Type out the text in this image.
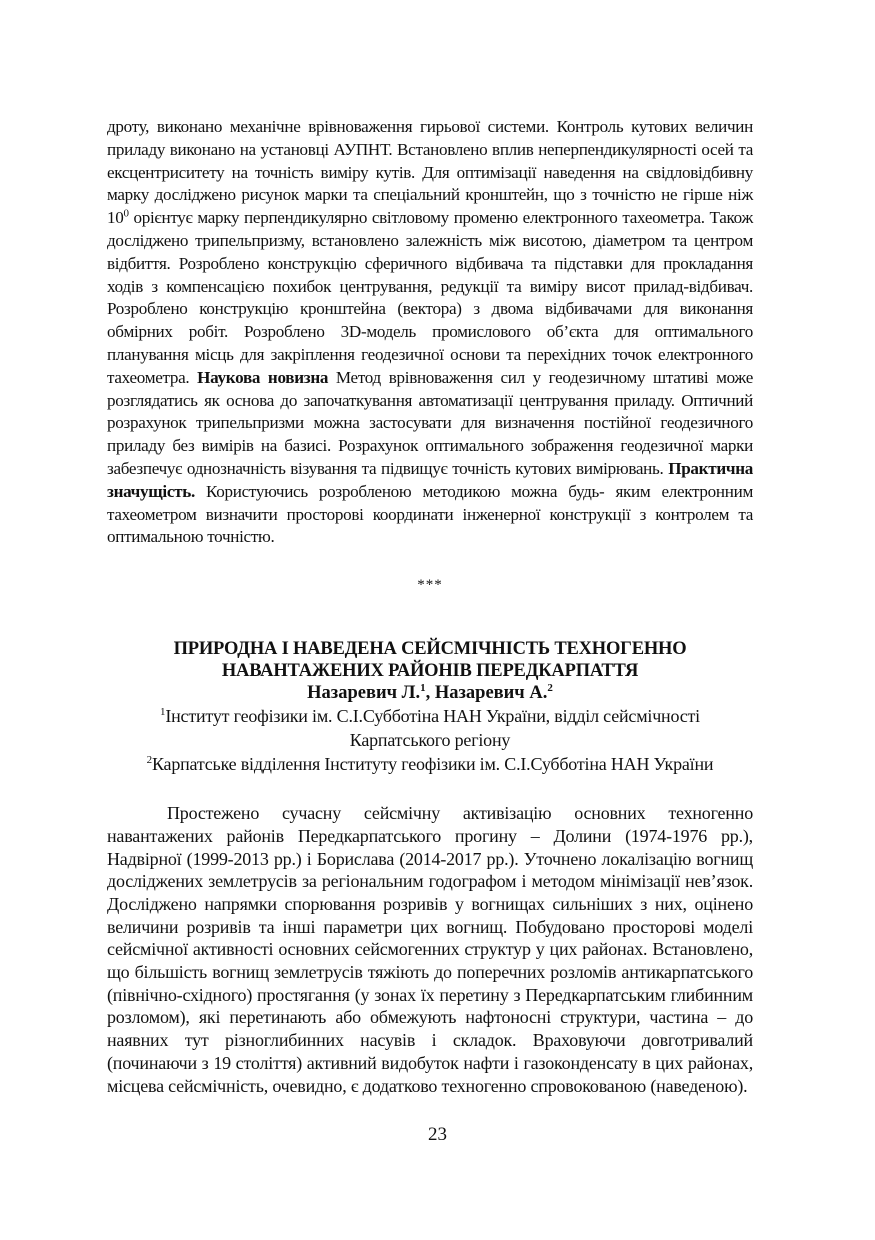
дроту, виконано механічне врівноваження гирьової системи. Контроль кутових величин приладу виконано на установці АУПНТ. Встановлено вплив неперпендикулярності осей та ексцентриситету на точність виміру кутів. Для оптимізації наведення на свідловідбивну марку досліджено рисунок марки та спеціальний кронштейн, що з точністю не гірше ніж $10^0$ орієнтує марку перпендикулярно світловому променю електронного тахеометра. Також досліджено трипельпризму, встановлено залежність між висотою, діаметром та центром відбиття. Розроблено конструкцію сферичного відбивача та підставки для прокладання ходів з компенсацією похибок центрування, редукції та виміру висот прилад-відбивач. Розроблено конструкцію кронштейна (вектора) з двома відбивачами для виконання обмірних робіт. Розроблено 3D-модель промислового об’єкта для оптимального планування місць для закріплення геодезичної основи та перехідних точок електронного тахеометра. Наукова новизна Метод врівноваження сил у геодезичному штативі може розглядатись як основа до започаткування автоматизації центрування приладу. Оптичний розрахунок трипельпризми можна застосувати для визначення постійної геодезичного приладу без вимірів на базисі. Розрахунок оптимального зображення геодезичної марки забезпечує однозначність візування та підвищує точність кутових вимірювань. Практична значущість. Користуючись розробленою методикою можна будь- яким електронним тахеометром визначити просторові координати інженерної конструкції з контролем та оптимальною точністю.

***
ПРИРОДНА І НАВЕДЕНА СЕЙСМІЧНІСТЬ ТЕХНОГЕННО
НАВАНТАЖЕНИХ РАЙОНІВ ПЕРЕДКАРПАТТЯ
Назаревич Л.$^1$, Назаревич А.$^2$
$^1$Інститут геофізики ім. С.І.Субботіна НАН України, відділ сейсмічності
Карпатського регіону
$^2$Карпатське відділення Інституту геофізики ім. С.І.Субботіна НАН України

Простежено сучасну сейсмічну активізацію основних техногенно навантажених районів Передкарпатського прогину – Долини (1974-1976 рр.), Надвірної (1999-2013 рр.) і Борислава (2014-2017 рр.). Уточнено локалізацію вогнищ досліджених землетрусів за регіональним годографом і методом мінімізації нев’язок. Досліджено напрямки спорювання розривів у вогнищах сильніших з них, оцінено величини розривів та інші параметри цих вогнищ. Побудовано просторові моделі сейсмічної активності основних сейсмогенних структур у цих районах. Встановлено, що більшість вогнищ землетрусів тяжіють до поперечних розломів антикарпатського (північно-східного) простягання (у зонах їх перетину з Передкарпатським глибинним розломом), які перетинають або обмежують нафтоносні структури, частина – до наявних тут різноглибинних насувів і складок. Враховуючи довготривалий (починаючи з 19 століття) активний видобуток нафти і газоконденсату в цих районах, місцева сейсмічність, очевидно, є додатково техногенно спровокованою (наведеною).

23
